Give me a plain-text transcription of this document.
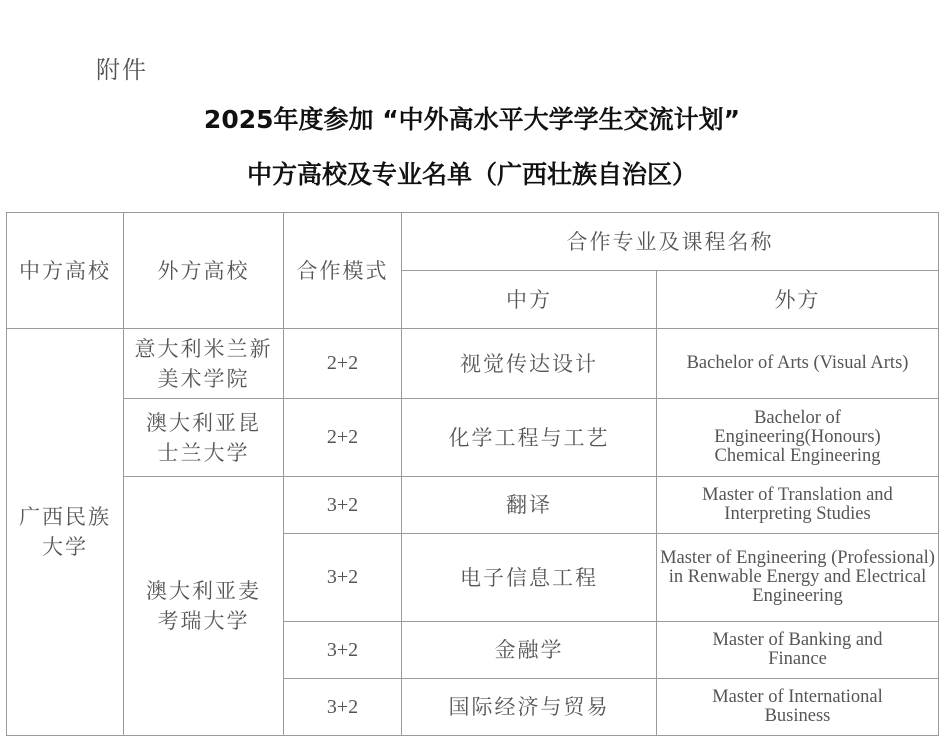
附件
2025年度参加 “中外高水平大学学生交流计划”
中方高校及专业名单（广西壮族自治区）
中方高校	外方高校	合作模式	合作专业及课程名称	
			中方	外方
广西民族大学	意大利米兰新美术学院	2+2	视觉传达设计	Bachelor of Arts (Visual Arts)
	澳大利亚昆士兰大学	2+2	化学工程与工艺	Bachelor of Engineering(Honours) Chemical Engineering
	澳大利亚麦考瑞大学	3+2	翻译	Master of Translation and Interpreting Studies
		3+2	电子信息工程	Master of Engineering (Professional) in Renwable Energy and Electrical Engineering
		3+2	金融学	Master of Banking and Finance
		3+2	国际经济与贸易	Master of International Business
